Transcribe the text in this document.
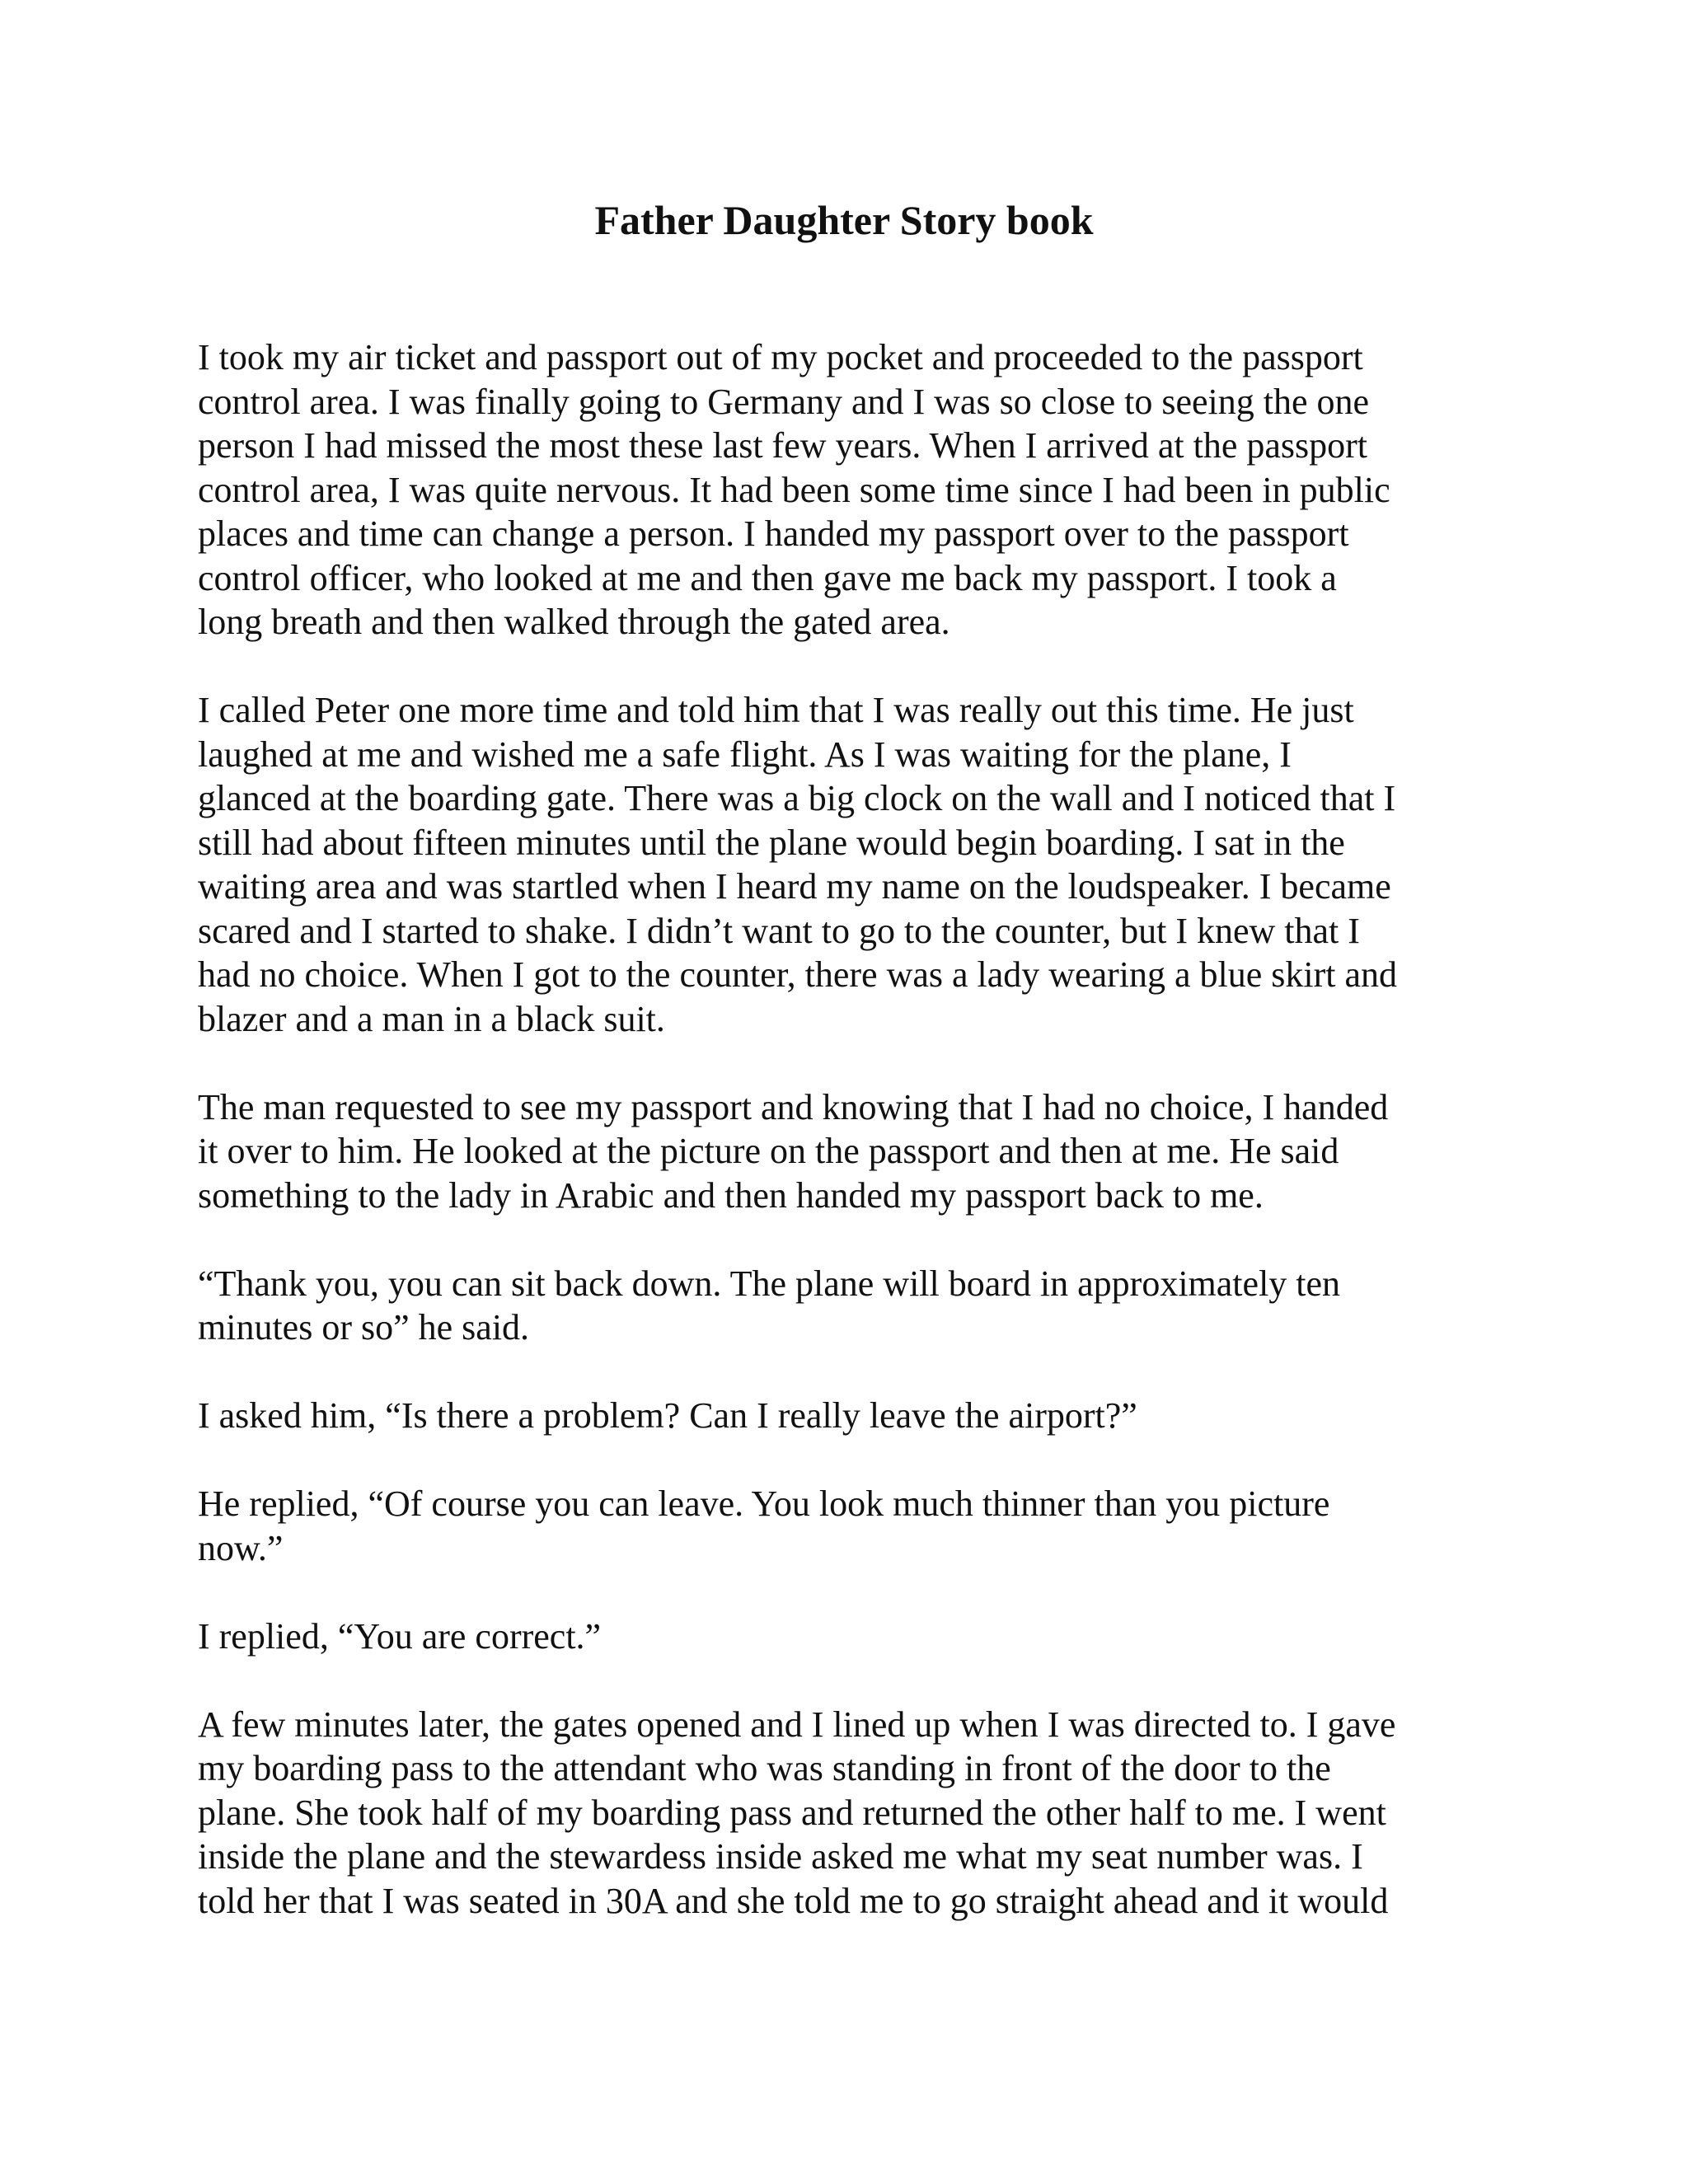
Father Daughter Story book

I took my air ticket and passport out of my pocket and proceeded to the passport
control area. I was finally going to Germany and I was so close to seeing the one
person I had missed the most these last few years. When I arrived at the passport
control area, I was quite nervous. It had been some time since I had been in public
places and time can change a person. I handed my passport over to the passport
control officer, who looked at me and then gave me back my passport. I took a
long breath and then walked through the gated area.

I called Peter one more time and told him that I was really out this time. He just
laughed at me and wished me a safe flight. As I was waiting for the plane, I
glanced at the boarding gate. There was a big clock on the wall and I noticed that I
still had about fifteen minutes until the plane would begin boarding. I sat in the
waiting area and was startled when I heard my name on the loudspeaker. I became
scared and I started to shake. I didn’t want to go to the counter, but I knew that I
had no choice. When I got to the counter, there was a lady wearing a blue skirt and
blazer and a man in a black suit.

The man requested to see my passport and knowing that I had no choice, I handed
it over to him. He looked at the picture on the passport and then at me. He said
something to the lady in Arabic and then handed my passport back to me.

“Thank you, you can sit back down. The plane will board in approximately ten
minutes or so” he said.

I asked him, “Is there a problem? Can I really leave the airport?”

He replied, “Of course you can leave. You look much thinner than you picture
now.”

I replied, “You are correct.”

A few minutes later, the gates opened and I lined up when I was directed to. I gave
my boarding pass to the attendant who was standing in front of the door to the
plane. She took half of my boarding pass and returned the other half to me. I went
inside the plane and the stewardess inside asked me what my seat number was. I
told her that I was seated in 30A and she told me to go straight ahead and it would
